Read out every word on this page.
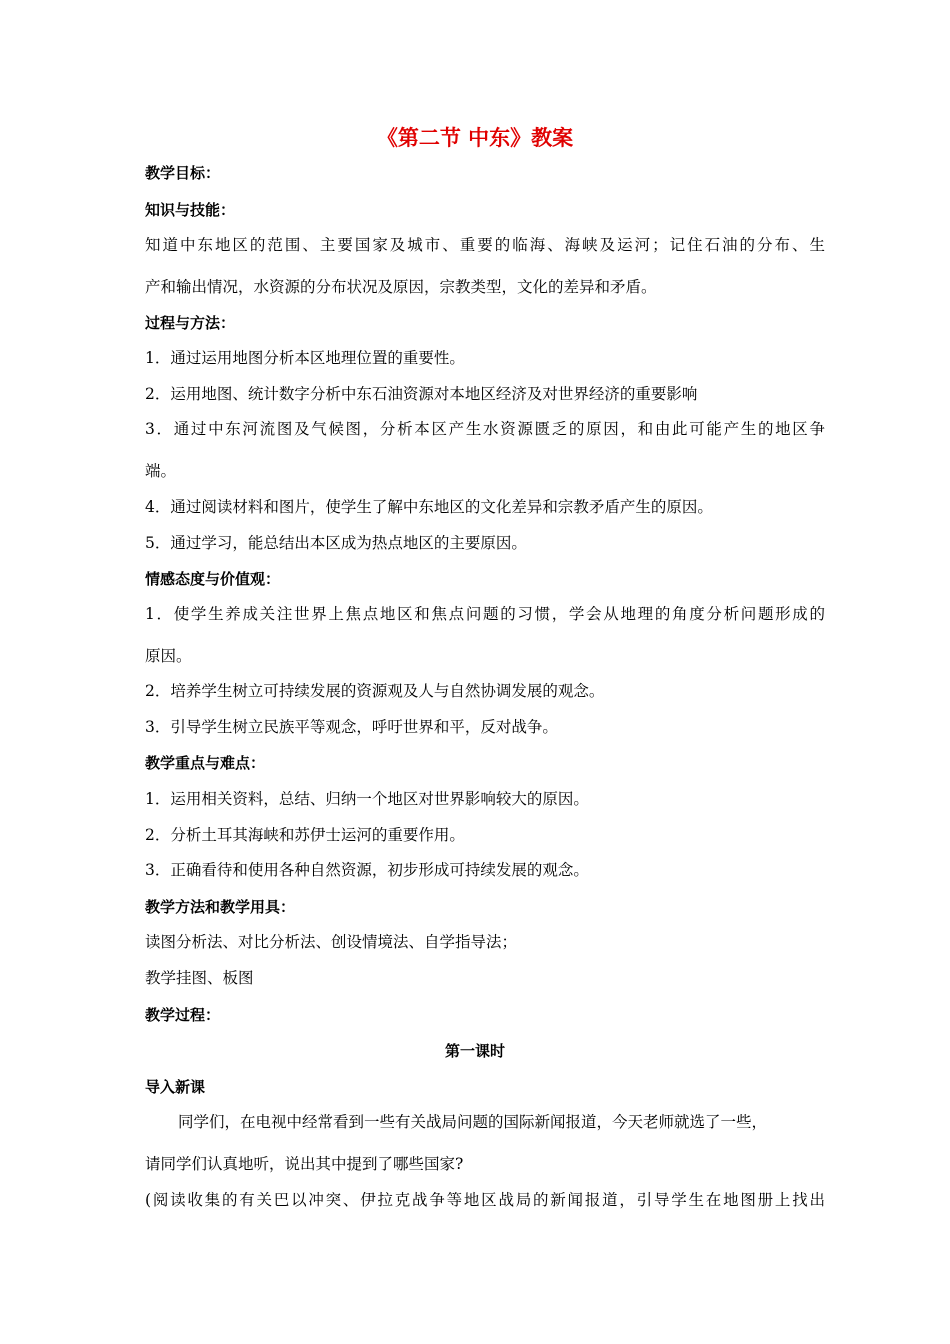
《第二节 中东》教案
教学目标：
知识与技能：
知道中东地区的范围、主要国家及城市、重要的临海、海峡及运河；记住石油的分布、生
产和输出情况，水资源的分布状况及原因，宗教类型，文化的差异和矛盾。
过程与方法：
1．通过运用地图分析本区地理位置的重要性。
2．运用地图、统计数字分析中东石油资源对本地区经济及对世界经济的重要影响
3．通过中东河流图及气候图，分析本区产生水资源匮乏的原因，和由此可能产生的地区争
端。
4．通过阅读材料和图片，使学生了解中东地区的文化差异和宗教矛盾产生的原因。
5．通过学习，能总结出本区成为热点地区的主要原因。
情感态度与价值观：
1．使学生养成关注世界上焦点地区和焦点问题的习惯，学会从地理的角度分析问题形成的
原因。
2．培养学生树立可持续发展的资源观及人与自然协调发展的观念。
3．引导学生树立民族平等观念，呼吁世界和平，反对战争。
教学重点与难点：
1．运用相关资料，总结、归纳一个地区对世界影响较大的原因。
2．分析土耳其海峡和苏伊士运河的重要作用。
3．正确看待和使用各种自然资源，初步形成可持续发展的观念。
教学方法和教学用具：
读图分析法、对比分析法、创设情境法、自学指导法；
教学挂图、板图
教学过程：
第一课时
导入新课
同学们，在电视中经常看到一些有关战局问题的国际新闻报道，今天老师就选了一些，
请同学们认真地听，说出其中提到了哪些国家?
(阅读收集的有关巴以冲突、伊拉克战争等地区战局的新闻报道，引导学生在地图册上找出
